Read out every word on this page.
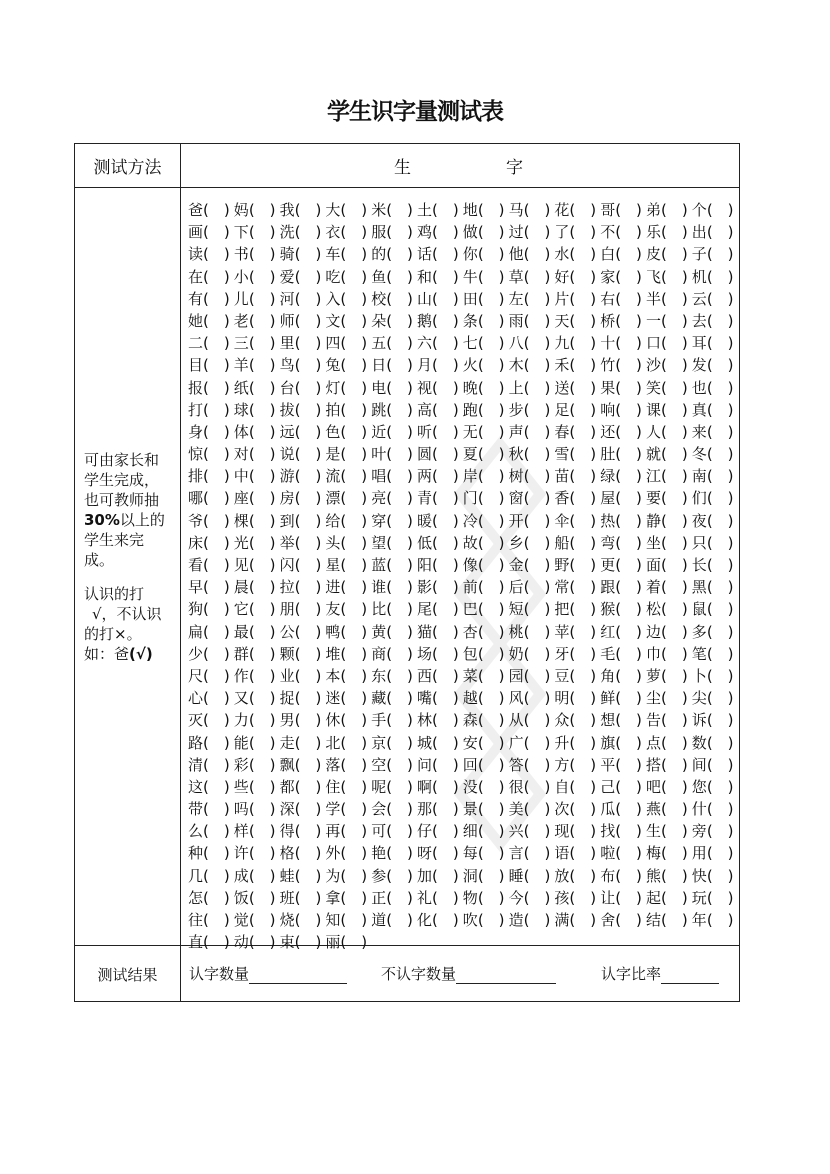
学生识字量测试表
测试方法	生	字

可由家长和

学生完成，

也可教师抽

30%以上的

学生来完

成。

认识的打

√，不认识

的打×。

如：爸(√)

爸( ) 妈( ) 我( ) 大( ) 米( ) 土( ) 地( ) 马( ) 花( ) 哥( ) 弟( ) 个( )
画( ) 下( ) 洗( ) 衣( ) 服( ) 鸡( ) 做( ) 过( ) 了( ) 不( ) 乐( ) 出( )
读( ) 书( ) 骑( ) 车( ) 的( ) 话( ) 你( ) 他( ) 水( ) 白( ) 皮( ) 子( )
在( ) 小( ) 爱( ) 吃( ) 鱼( ) 和( ) 牛( ) 草( ) 好( ) 家( ) 飞( ) 机( )
有( ) 儿( ) 河( ) 入( ) 校( ) 山( ) 田( ) 左( ) 片( ) 右( ) 半( ) 云( )
她( ) 老( ) 师( ) 文( ) 朵( ) 鹅( ) 条( ) 雨( ) 天( ) 桥( ) 一( ) 去( )
二( ) 三( ) 里( ) 四( ) 五( ) 六( ) 七( ) 八( ) 九( ) 十( ) 口( ) 耳( )
目( ) 羊( ) 鸟( ) 兔( ) 日( ) 月( ) 火( ) 木( ) 禾( ) 竹( ) 沙( ) 发( )
报( ) 纸( ) 台( ) 灯( ) 电( ) 视( ) 晚( ) 上( ) 送( ) 果( ) 笑( ) 也( )
打( ) 球( ) 拔( ) 拍( ) 跳( ) 高( ) 跑( ) 步( ) 足( ) 响( ) 课( ) 真( )
身( ) 体( ) 远( ) 色( ) 近( ) 听( ) 无( ) 声( ) 春( ) 还( ) 人( ) 来( )
惊( ) 对( ) 说( ) 是( ) 叶( ) 圆( ) 夏( ) 秋( ) 雪( ) 肚( ) 就( ) 冬( )
排( ) 中( ) 游( ) 流( ) 唱( ) 两( ) 岸( ) 树( ) 苗( ) 绿( ) 江( ) 南( )
哪( ) 座( ) 房( ) 漂( ) 亮( ) 青( ) 门( ) 窗( ) 香( ) 屋( ) 要( ) 们( )
爷( ) 棵( ) 到( ) 给( ) 穿( ) 暖( ) 冷( ) 开( ) 伞( ) 热( ) 静( ) 夜( )
床( ) 光( ) 举( ) 头( ) 望( ) 低( ) 故( ) 乡( ) 船( ) 弯( ) 坐( ) 只( )
看( ) 见( ) 闪( ) 星( ) 蓝( ) 阳( ) 像( ) 金( ) 野( ) 更( ) 面( ) 长( )
早( ) 晨( ) 拉( ) 进( ) 谁( ) 影( ) 前( ) 后( ) 常( ) 跟( ) 着( ) 黑( )
狗( ) 它( ) 朋( ) 友( ) 比( ) 尾( ) 巴( ) 短( ) 把( ) 猴( ) 松( ) 鼠( )
扁( ) 最( ) 公( ) 鸭( ) 黄( ) 猫( ) 杏( ) 桃( ) 苹( ) 红( ) 边( ) 多( )
少( ) 群( ) 颗( ) 堆( ) 商( ) 场( ) 包( ) 奶( ) 牙( ) 毛( ) 巾( ) 笔( )
尺( ) 作( ) 业( ) 本( ) 东( ) 西( ) 菜( ) 园( ) 豆( ) 角( ) 萝( ) 卜( )
心( ) 又( ) 捉( ) 迷( ) 藏( ) 嘴( ) 越( ) 风( ) 明( ) 鲜( ) 尘( ) 尖( )
灭( ) 力( ) 男( ) 休( ) 手( ) 林( ) 森( ) 从( ) 众( ) 想( ) 告( ) 诉( )
路( ) 能( ) 走( ) 北( ) 京( ) 城( ) 安( ) 广( ) 升( ) 旗( ) 点( ) 数( )
清( ) 彩( ) 飘( ) 落( ) 空( ) 问( ) 回( ) 答( ) 方( ) 平( ) 搭( ) 间( )
这( ) 些( ) 都( ) 住( ) 呢( ) 啊( ) 没( ) 很( ) 自( ) 己( ) 吧( ) 您( )
带( ) 吗( ) 深( ) 学( ) 会( ) 那( ) 景( ) 美( ) 次( ) 瓜( ) 燕( ) 什( )
么( ) 样( ) 得( ) 再( ) 可( ) 仔( ) 细( ) 兴( ) 现( ) 找( ) 生( ) 旁( )
种( ) 许( ) 格( ) 外( ) 艳( ) 呀( ) 每( ) 言( ) 语( ) 啦( ) 梅( ) 用( )
几( ) 成( ) 蛙( ) 为( ) 参( ) 加( ) 洞( ) 睡( ) 放( ) 布( ) 熊( ) 快( )
怎( ) 饭( ) 班( ) 拿( ) 正( ) 礼( ) 物( ) 今( ) 孩( ) 让( ) 起( ) 玩( )
往( ) 觉( ) 烧( ) 知( ) 道( ) 化( ) 吹( ) 造( ) 满( ) 舍( ) 结( ) 年( )
直( ) 动( ) 束( ) 丽( )
测试结果	认字数量	不认字数量	认字比率
